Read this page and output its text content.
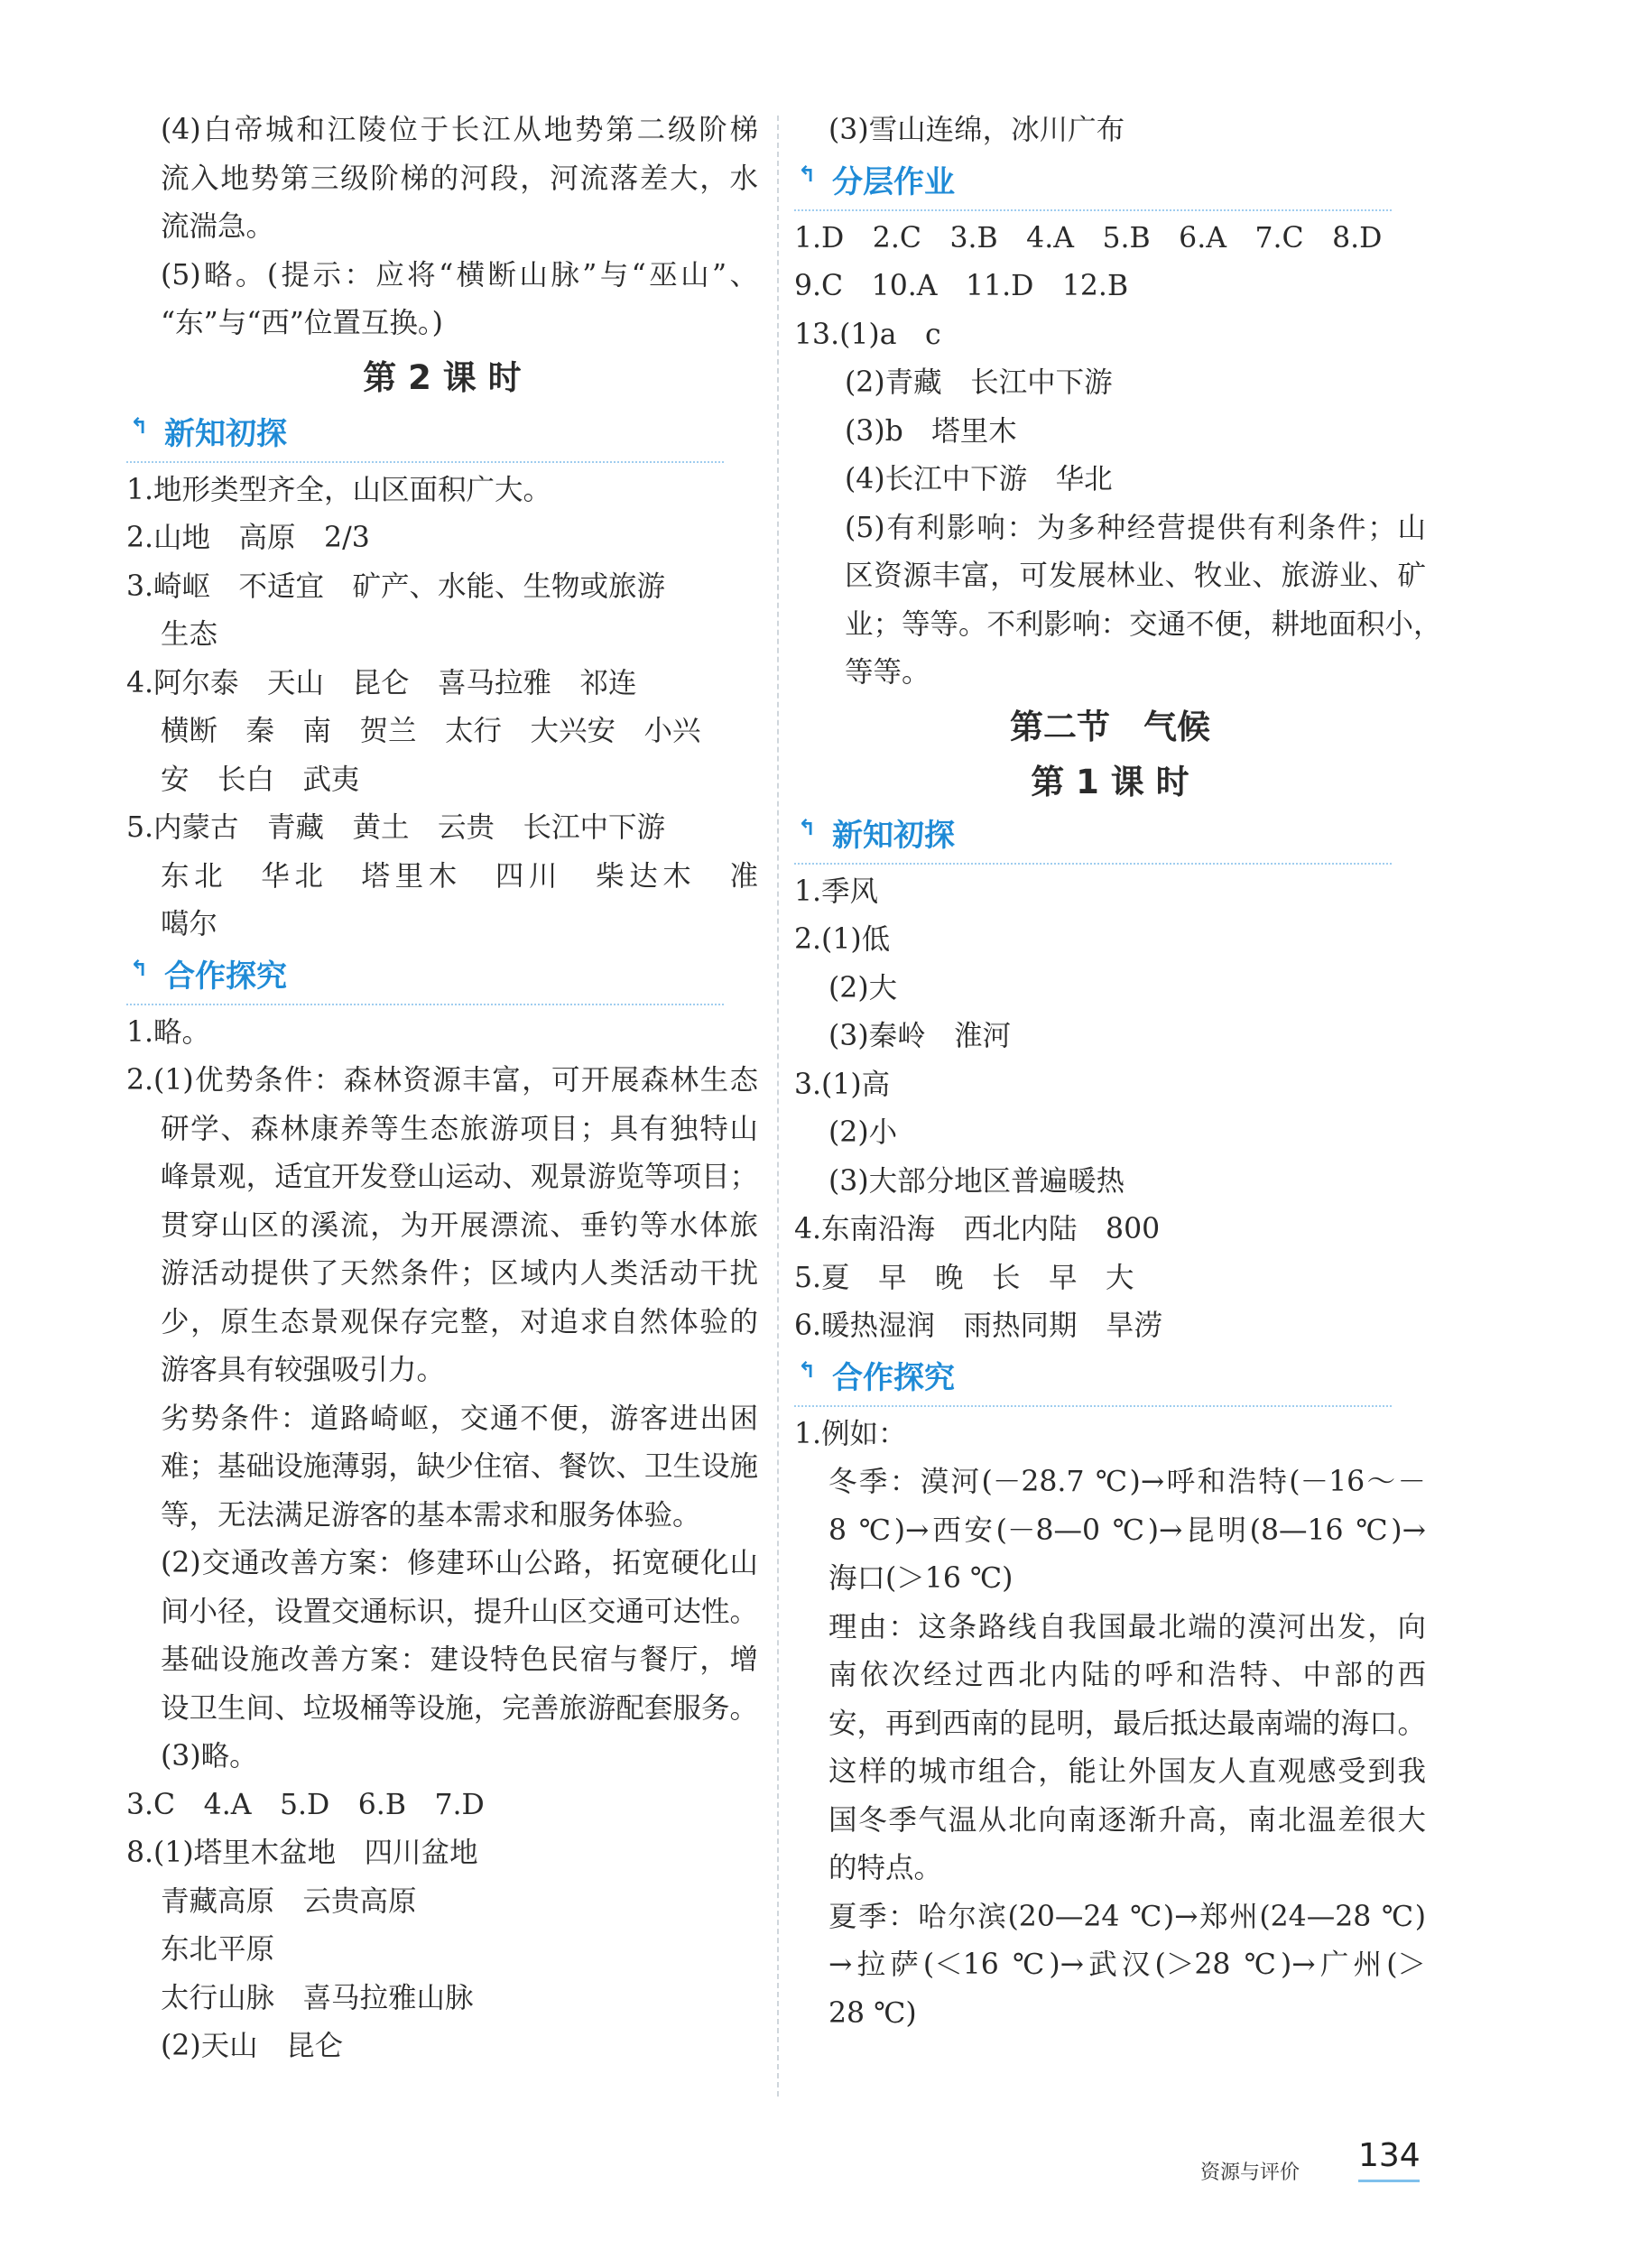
(4)白帝城和江陵位于长江从地势第二级阶梯
流入地势第三级阶梯的河段，河流落差大，水
流湍急。
(5)略。(提示：应将“横断山脉”与“巫山”、
“东”与“西”位置互换。)
第 2 课 时
↰ 新知初探
1.地形类型齐全，山区面积广大。
2.山地　高原　2/3
3.崎岖　不适宜　矿产、水能、生物或旅游
生态
4.阿尔泰　天山　昆仑　喜马拉雅　祁连
横断　秦　南　贺兰　太行　大兴安　小兴
安　长白　武夷
5.内蒙古　青藏　黄土　云贵　长江中下游
东北　华北　塔里木　四川　柴达木　准
噶尔
↰ 合作探究
1.略。
2.(1)优势条件：森林资源丰富，可开展森林生态
研学、森林康养等生态旅游项目；具有独特山
峰景观，适宜开发登山运动、观景游览等项目；
贯穿山区的溪流，为开展漂流、垂钓等水体旅
游活动提供了天然条件；区域内人类活动干扰
少，原生态景观保存完整，对追求自然体验的
游客具有较强吸引力。
劣势条件：道路崎岖，交通不便，游客进出困
难；基础设施薄弱，缺少住宿、餐饮、卫生设施
等，无法满足游客的基本需求和服务体验。
(2)交通改善方案：修建环山公路，拓宽硬化山
间小径，设置交通标识，提升山区交通可达性。
基础设施改善方案：建设特色民宿与餐厅，增
设卫生间、垃圾桶等设施，完善旅游配套服务。
(3)略。
3.C　4.A　5.D　6.B　7.D
8.(1)塔里木盆地　四川盆地
青藏高原　云贵高原
东北平原
太行山脉　喜马拉雅山脉
(2)天山　昆仑
(3)雪山连绵，冰川广布
↰ 分层作业
1.D　2.C　3.B　4.A　5.B　6.A　7.C　8.D
9.C　10.A　11.D　12.B
13.(1)a　c
(2)青藏　长江中下游
(3)b　塔里木
(4)长江中下游　华北
(5)有利影响：为多种经营提供有利条件；山
区资源丰富，可发展林业、牧业、旅游业、矿
业；等等。不利影响：交通不便，耕地面积小，
等等。
第二节　气候
第 1 课 时
↰ 新知初探
1.季风
2.(1)低
(2)大
(3)秦岭　淮河
3.(1)高
(2)小
(3)大部分地区普遍暖热
4.东南沿海　西北内陆　800
5.夏　早　晚　长　早　大
6.暖热湿润　雨热同期　旱涝
↰ 合作探究
1.例如：
冬季：漠河(－28.7 ℃)→呼和浩特(－16～－
8 ℃)→西安(－8—0 ℃)→昆明(8—16 ℃)→
海口(＞16 ℃)
理由：这条路线自我国最北端的漠河出发，向
南依次经过西北内陆的呼和浩特、中部的西
安，再到西南的昆明，最后抵达最南端的海口。
这样的城市组合，能让外国友人直观感受到我
国冬季气温从北向南逐渐升高，南北温差很大
的特点。
夏季：哈尔滨(20—24 ℃)→郑州(24—28 ℃)
→拉萨(＜16 ℃)→武汉(＞28 ℃)→广州(＞
28 ℃)
资源与评价 134
